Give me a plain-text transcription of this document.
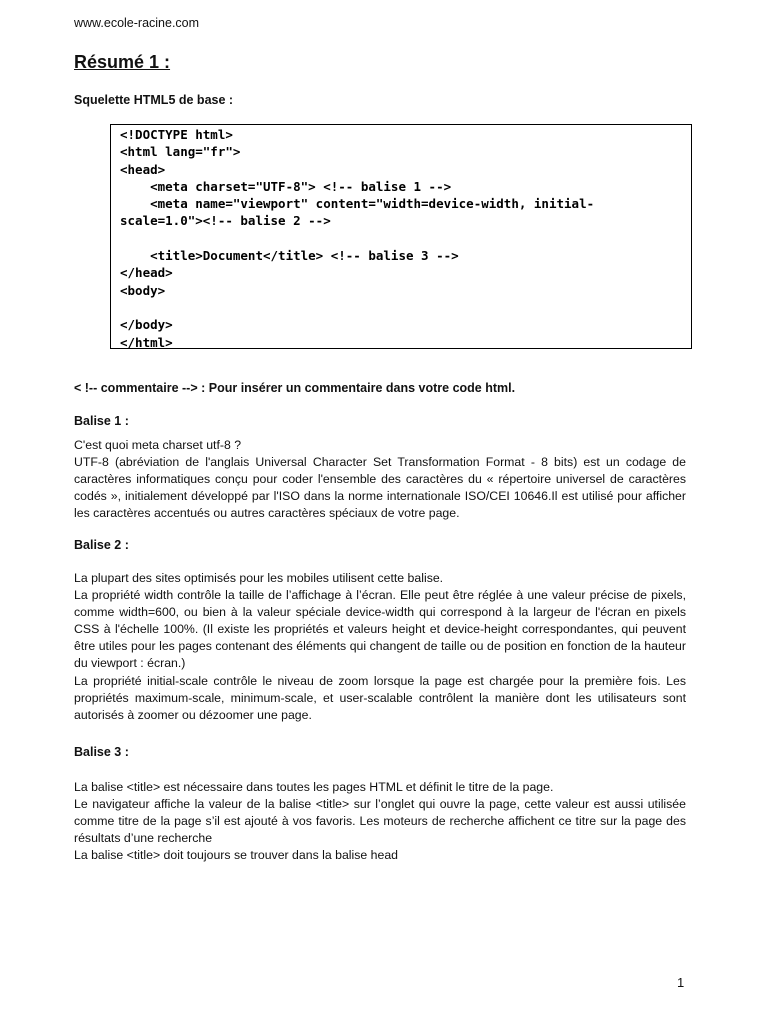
www.ecole-racine.com
Résumé 1 :
Squelette HTML5 de base :
<!DOCTYPE html>
<html lang="fr">
<head>
<meta charset="UTF-8"> <!-- balise 1 -->
<meta name="viewport" content="width=device-width, initial-
scale=1.0"><!-- balise 2 -->

<title>Document</title> <!-- balise 3 -->
</head>
<body>

</body>
</html>
< !-- commentaire --> : Pour insérer un commentaire dans votre code html.
Balise 1 :

C'est quoi meta charset utf-8 ?

UTF-8 (abréviation de l'anglais Universal Character Set Transformation Format - 8 bits) est un codage de caractères informatiques conçu pour coder l'ensemble des caractères du « répertoire universel de caractères codés », initialement développé par l'ISO dans la norme internationale ISO/CEI 10646.Il est utilisé pour afficher les caractères accentués ou autres caractères spéciaux de votre page.

Balise 2 :

La plupart des sites optimisés pour les mobiles utilisent cette balise.

La propriété width contrôle la taille de l’affichage à l’écran. Elle peut être réglée à une valeur précise de pixels, comme width=600, ou bien à la valeur spéciale device-width qui correspond à la largeur de l'écran en pixels CSS à l'échelle 100%. (Il existe les propriétés et valeurs height et device-height correspondantes, qui peuvent être utiles pour les pages contenant des éléments qui changent de taille ou de position en fonction de la hauteur du viewport : écran.)

La propriété initial-scale contrôle le niveau de zoom lorsque la page est chargée pour la première fois. Les propriétés maximum-scale, minimum-scale, et user-scalable contrôlent la manière dont les utilisateurs sont autorisés à zoomer ou dézoomer une page.

Balise 3 :

La balise <title> est nécessaire dans toutes les pages HTML et définit le titre de la page.

Le navigateur affiche la valeur de la balise <title> sur l’onglet qui ouvre la page, cette valeur est aussi utilisée comme titre de la page s’il est ajouté à vos favoris. Les moteurs de recherche affichent ce titre sur la page des résultats d’une recherche

La balise <title> doit toujours se trouver dans la balise head

1
